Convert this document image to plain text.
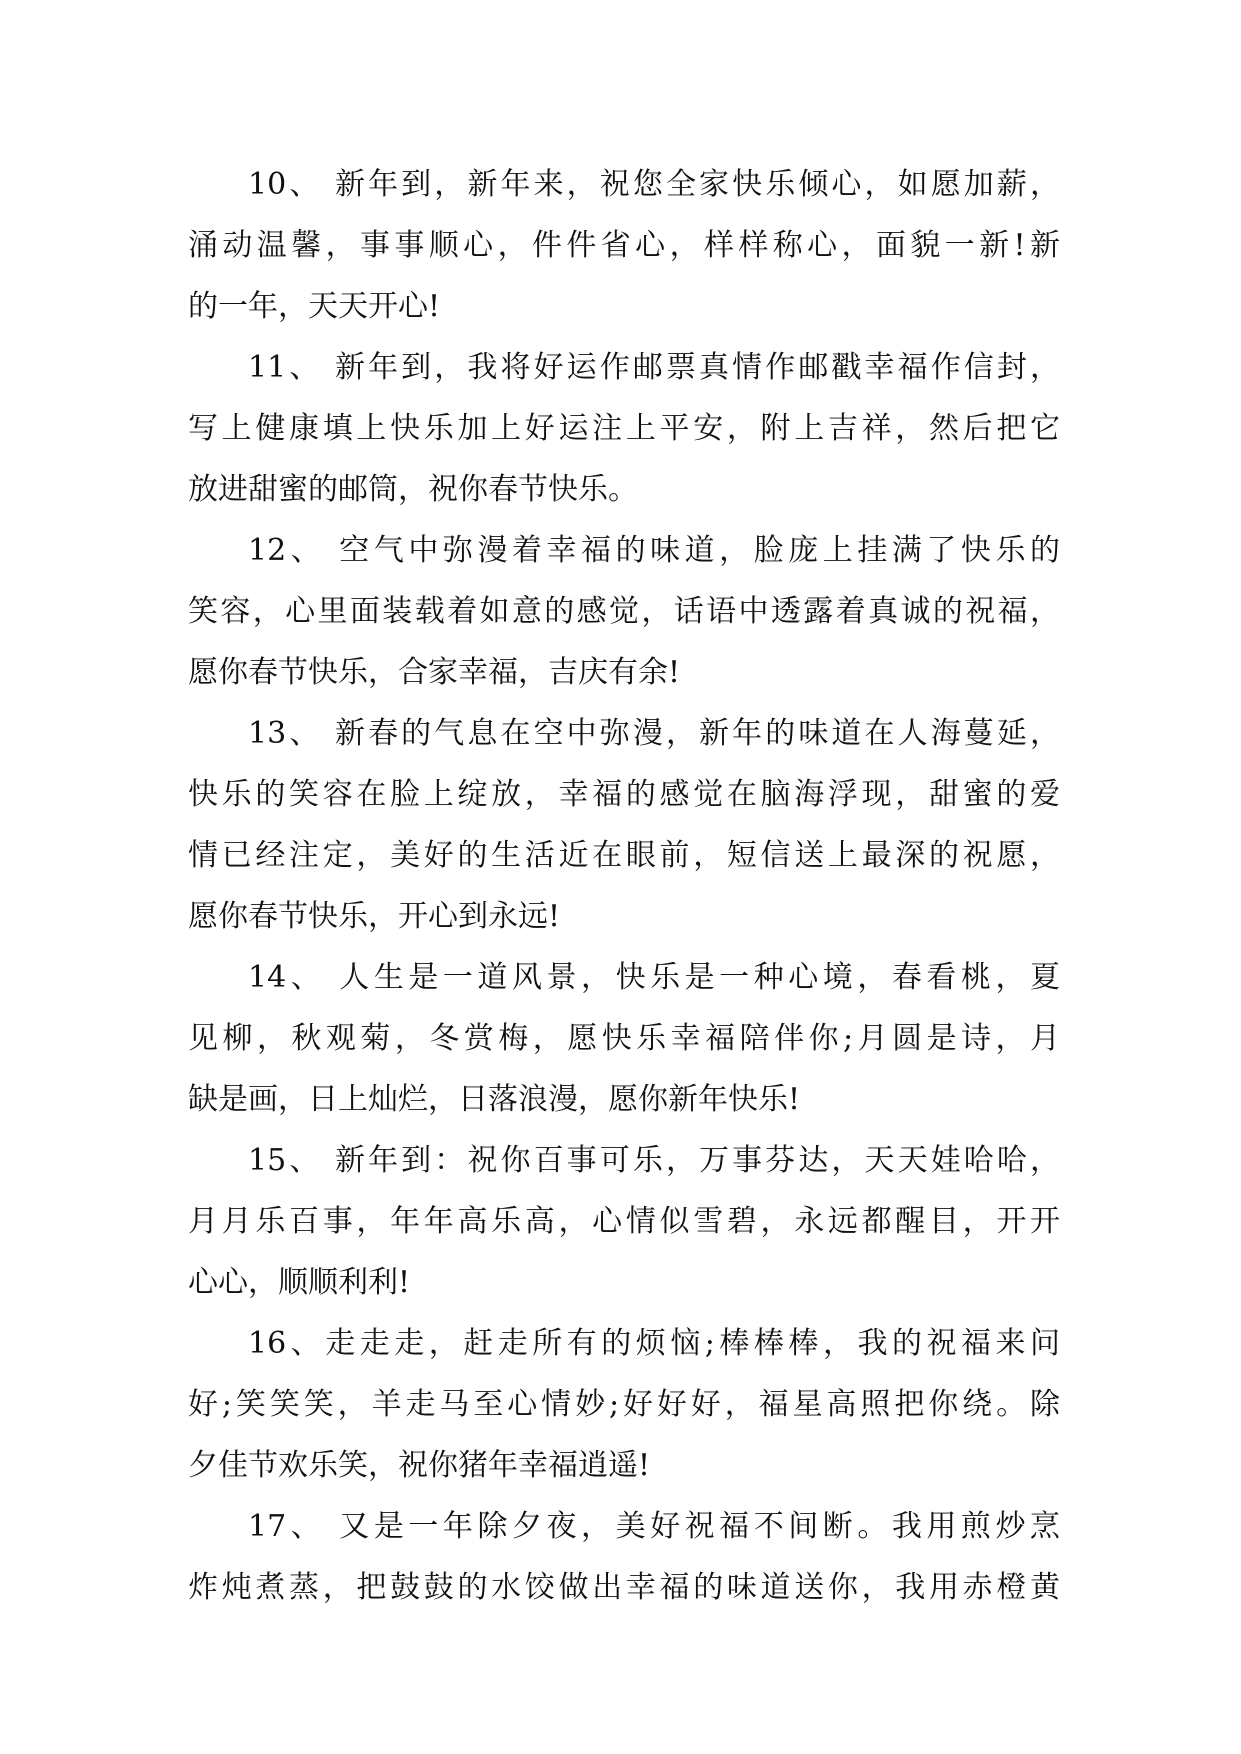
10、 新年到，新年来，祝您全家快乐倾心，如愿加薪，
涌动温馨，事事顺心，件件省心，样样称心，面貌一新!新
的一年，天天开心!
11、 新年到，我将好运作邮票真情作邮戳幸福作信封，
写上健康填上快乐加上好运注上平安，附上吉祥，然后把它
放进甜蜜的邮筒，祝你春节快乐。
12、 空气中弥漫着幸福的味道，脸庞上挂满了快乐的
笑容，心里面装载着如意的感觉，话语中透露着真诚的祝福，
愿你春节快乐，合家幸福，吉庆有余!
13、 新春的气息在空中弥漫，新年的味道在人海蔓延，
快乐的笑容在脸上绽放，幸福的感觉在脑海浮现，甜蜜的爱
情已经注定，美好的生活近在眼前，短信送上最深的祝愿，
愿你春节快乐，开心到永远!
14、 人生是一道风景，快乐是一种心境，春看桃，夏
见柳，秋观菊，冬赏梅，愿快乐幸福陪伴你;月圆是诗，月
缺是画，日上灿烂，日落浪漫，愿你新年快乐!
15、 新年到：祝你百事可乐，万事芬达，天天娃哈哈，
月月乐百事，年年高乐高，心情似雪碧，永远都醒目，开开
心心，顺顺利利!
16、走走走，赶走所有的烦恼;棒棒棒，我的祝福来问
好;笑笑笑，羊走马至心情妙;好好好，福星高照把你绕。除
夕佳节欢乐笑，祝你猪年幸福逍遥!
17、 又是一年除夕夜，美好祝福不间断。我用煎炒烹
炸炖煮蒸，把鼓鼓的水饺做出幸福的味道送你，我用赤橙黄
